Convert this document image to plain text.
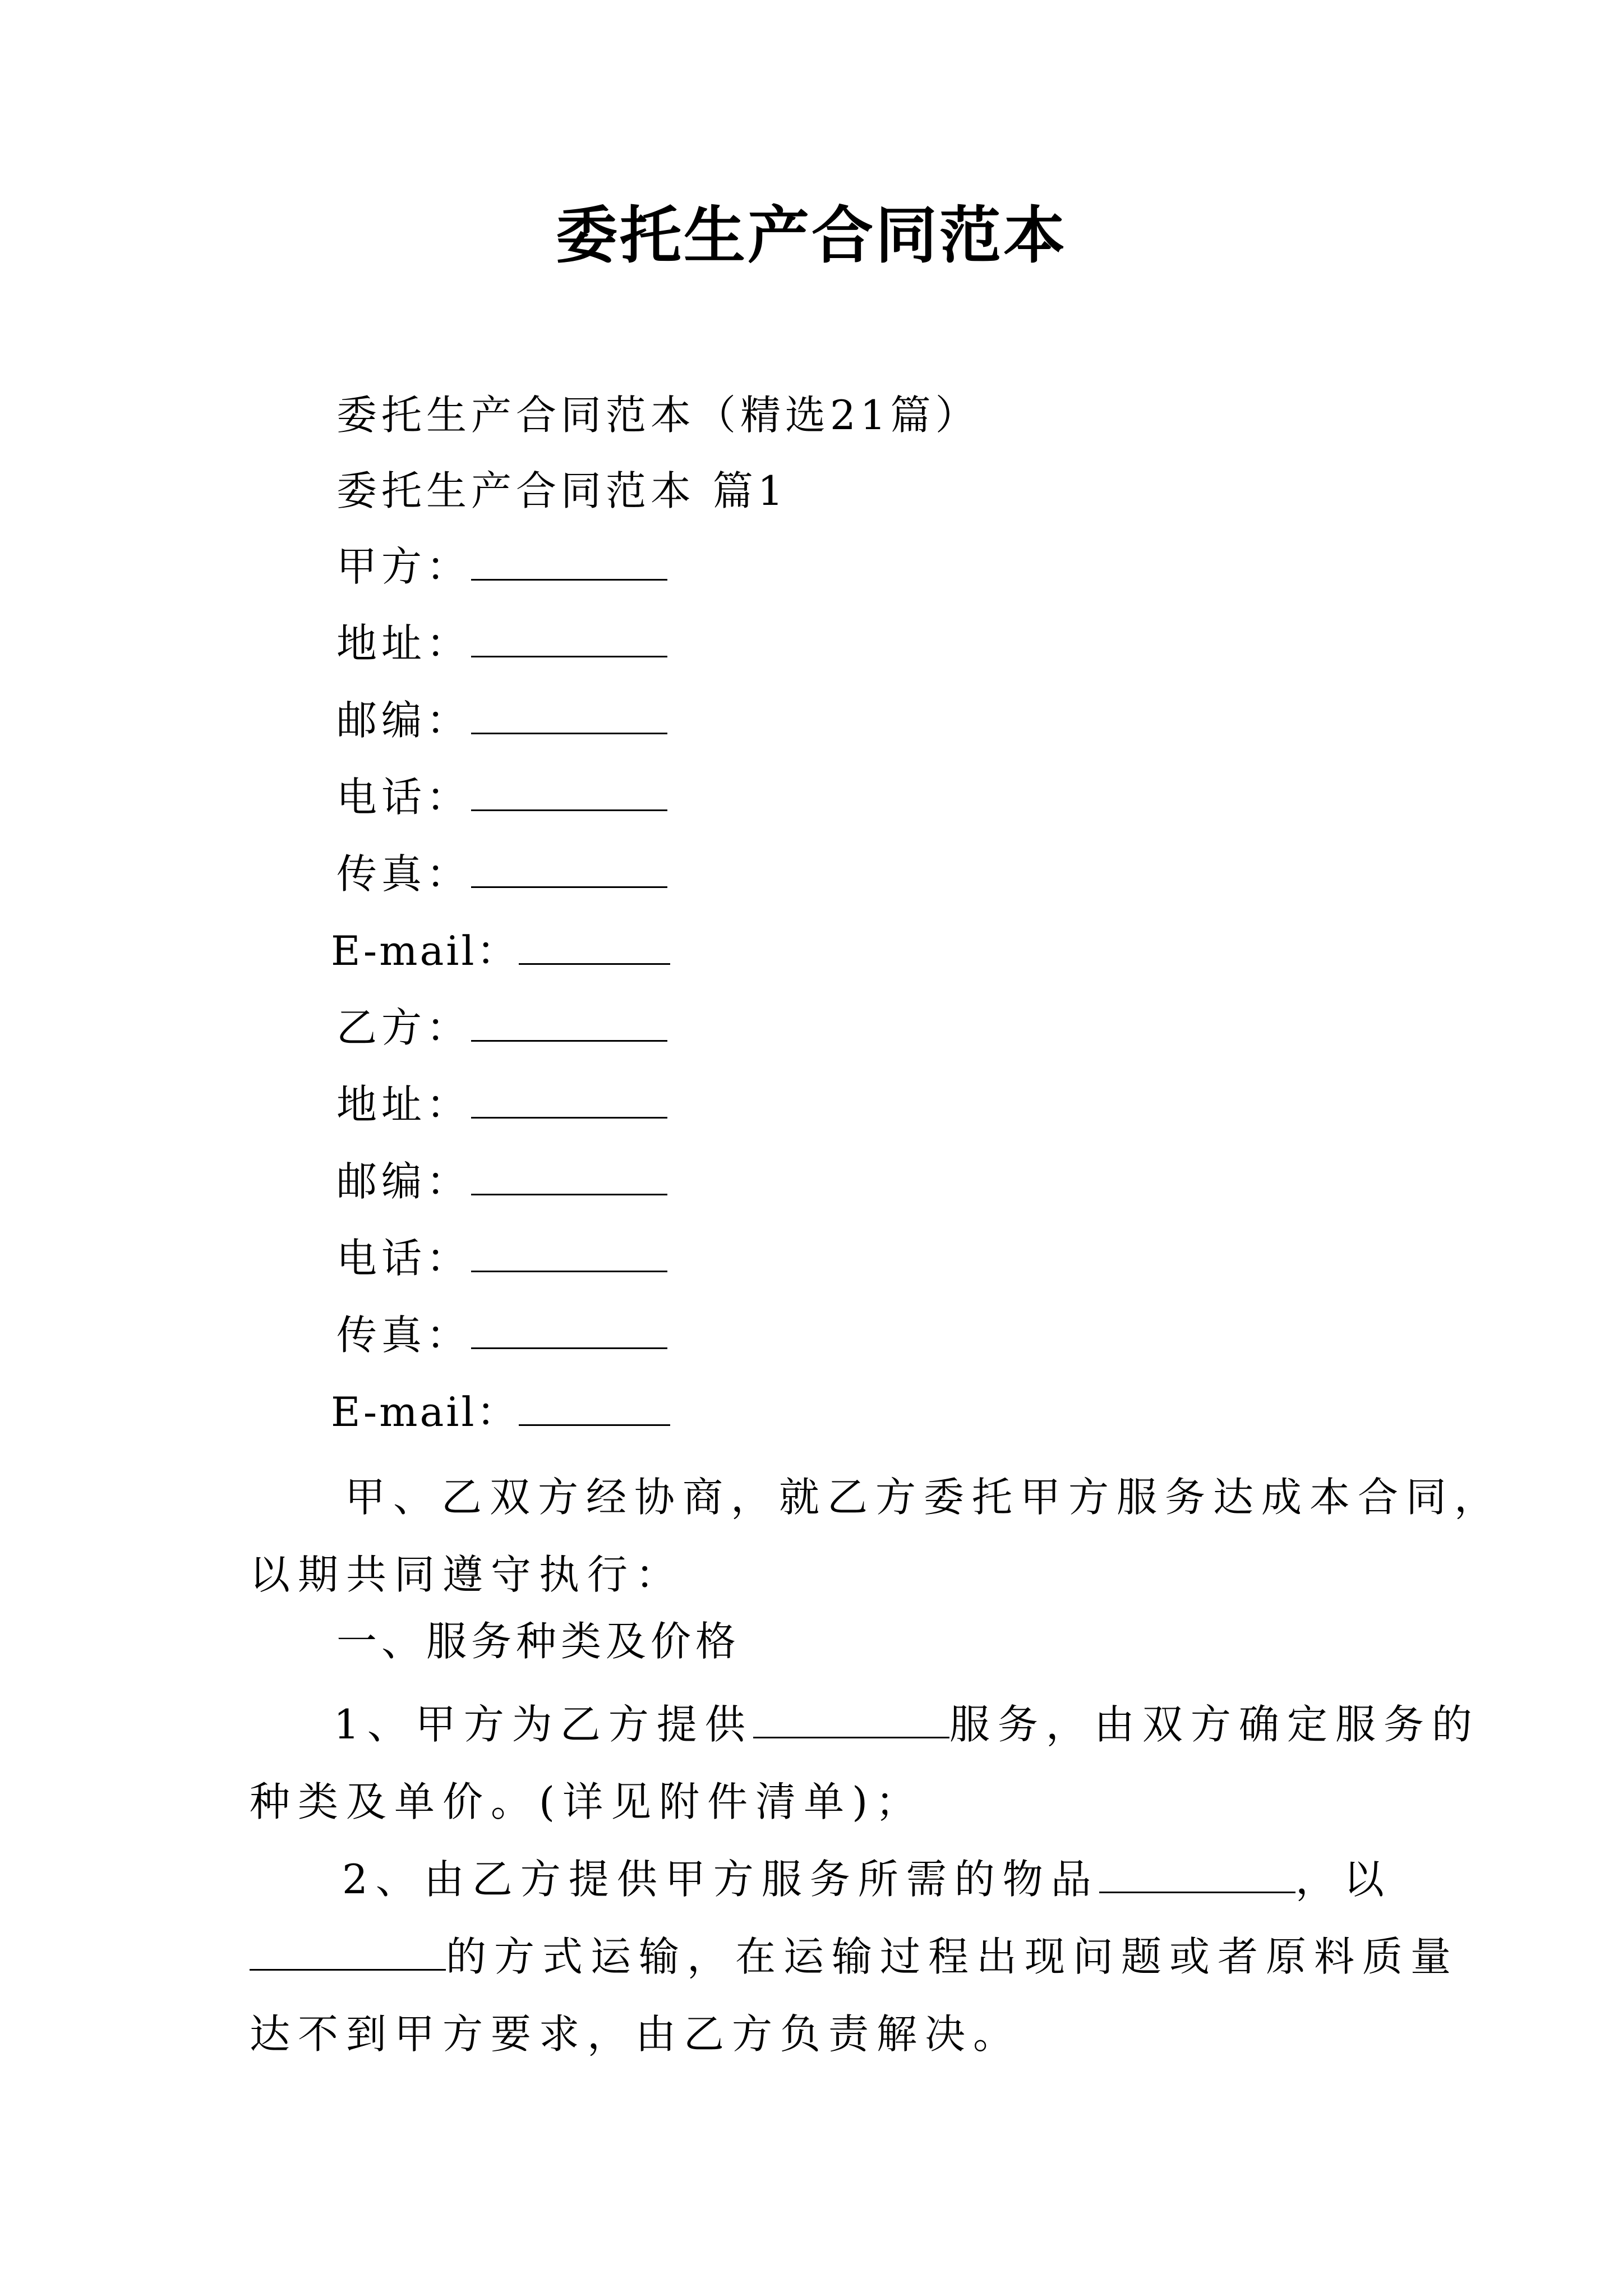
委托生产合同范本
委托生产合同范本（精选21篇）
委托生产合同范本 篇1
甲方：
地址：
邮编：
电话：
传真：
E-mail：
乙方：
地址：
邮编：
电话：
传真：
E-mail：
甲、乙双方经协商，就乙方委托甲方服务达成本合同，
以期共同遵守执行：
一、服务种类及价格
1、甲方为乙方提供	服务，由双方确定服务的
种类及单价。(详见附件清单)；
2、由乙方提供甲方服务所需的物品	，以
的方式运输，在运输过程出现问题或者原料质量
达不到甲方要求，由乙方负责解决。
